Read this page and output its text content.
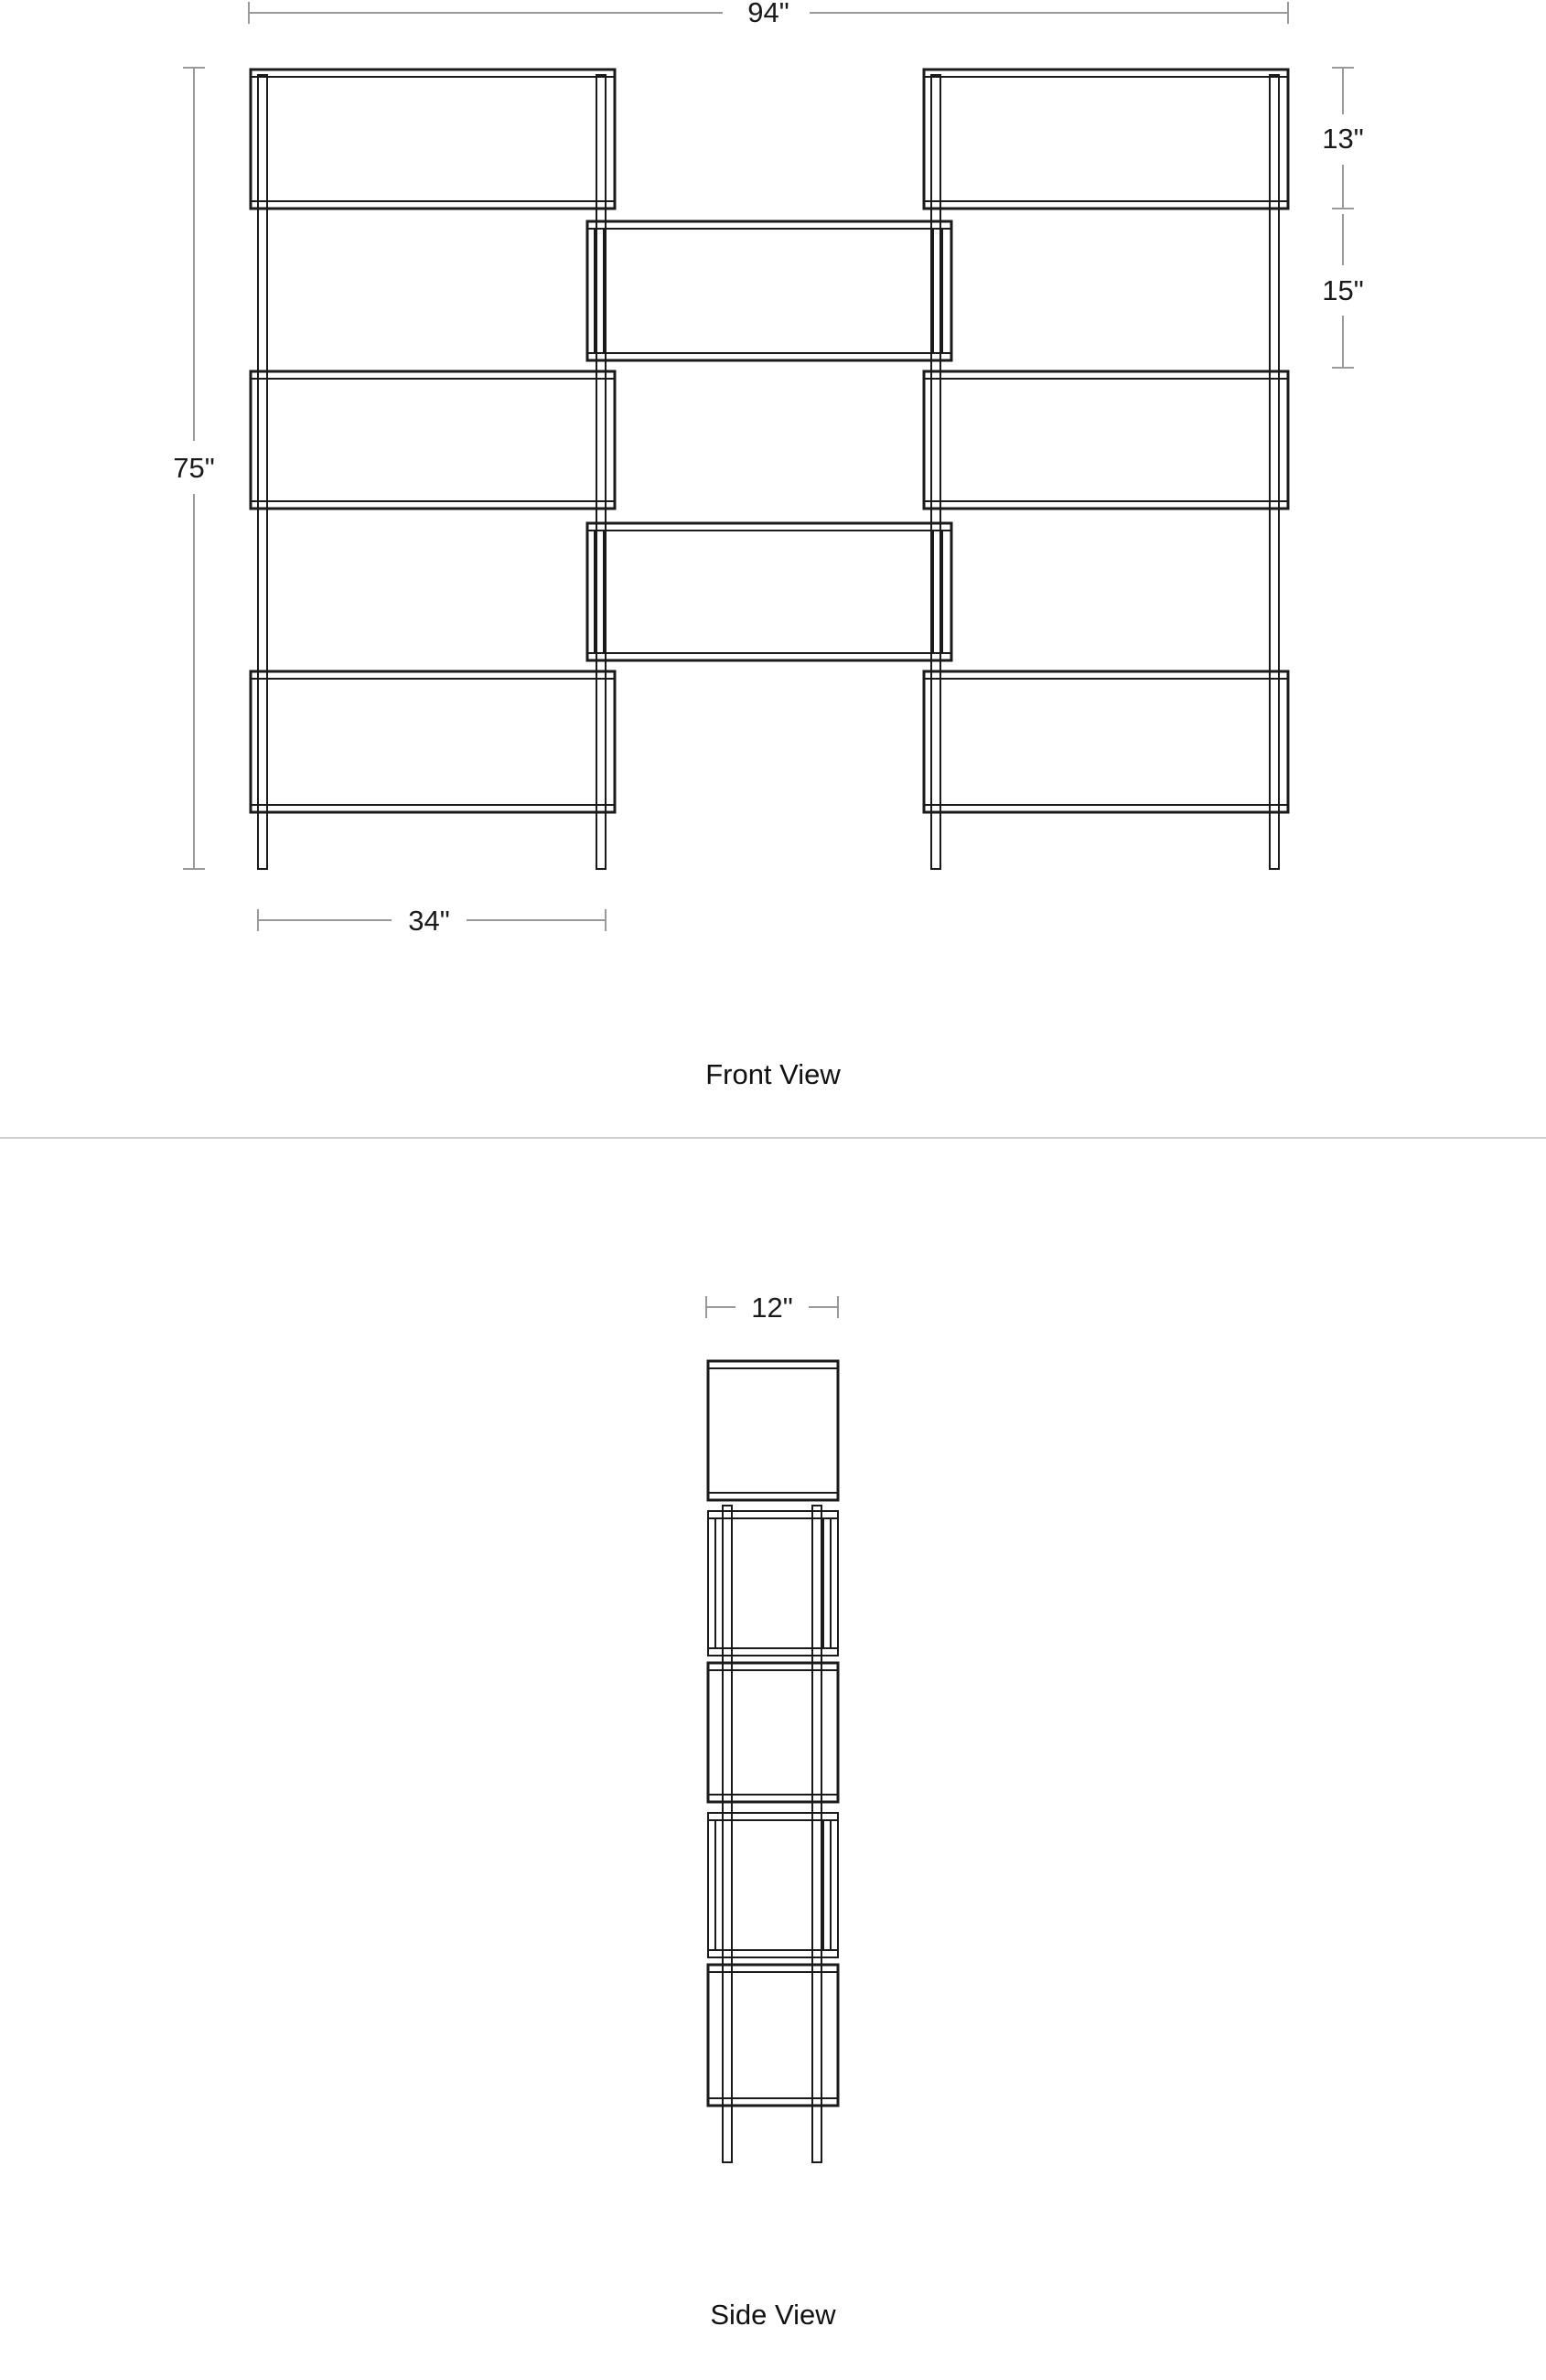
94"
75"
13"
15"
34"
Front View
12"
Side View
